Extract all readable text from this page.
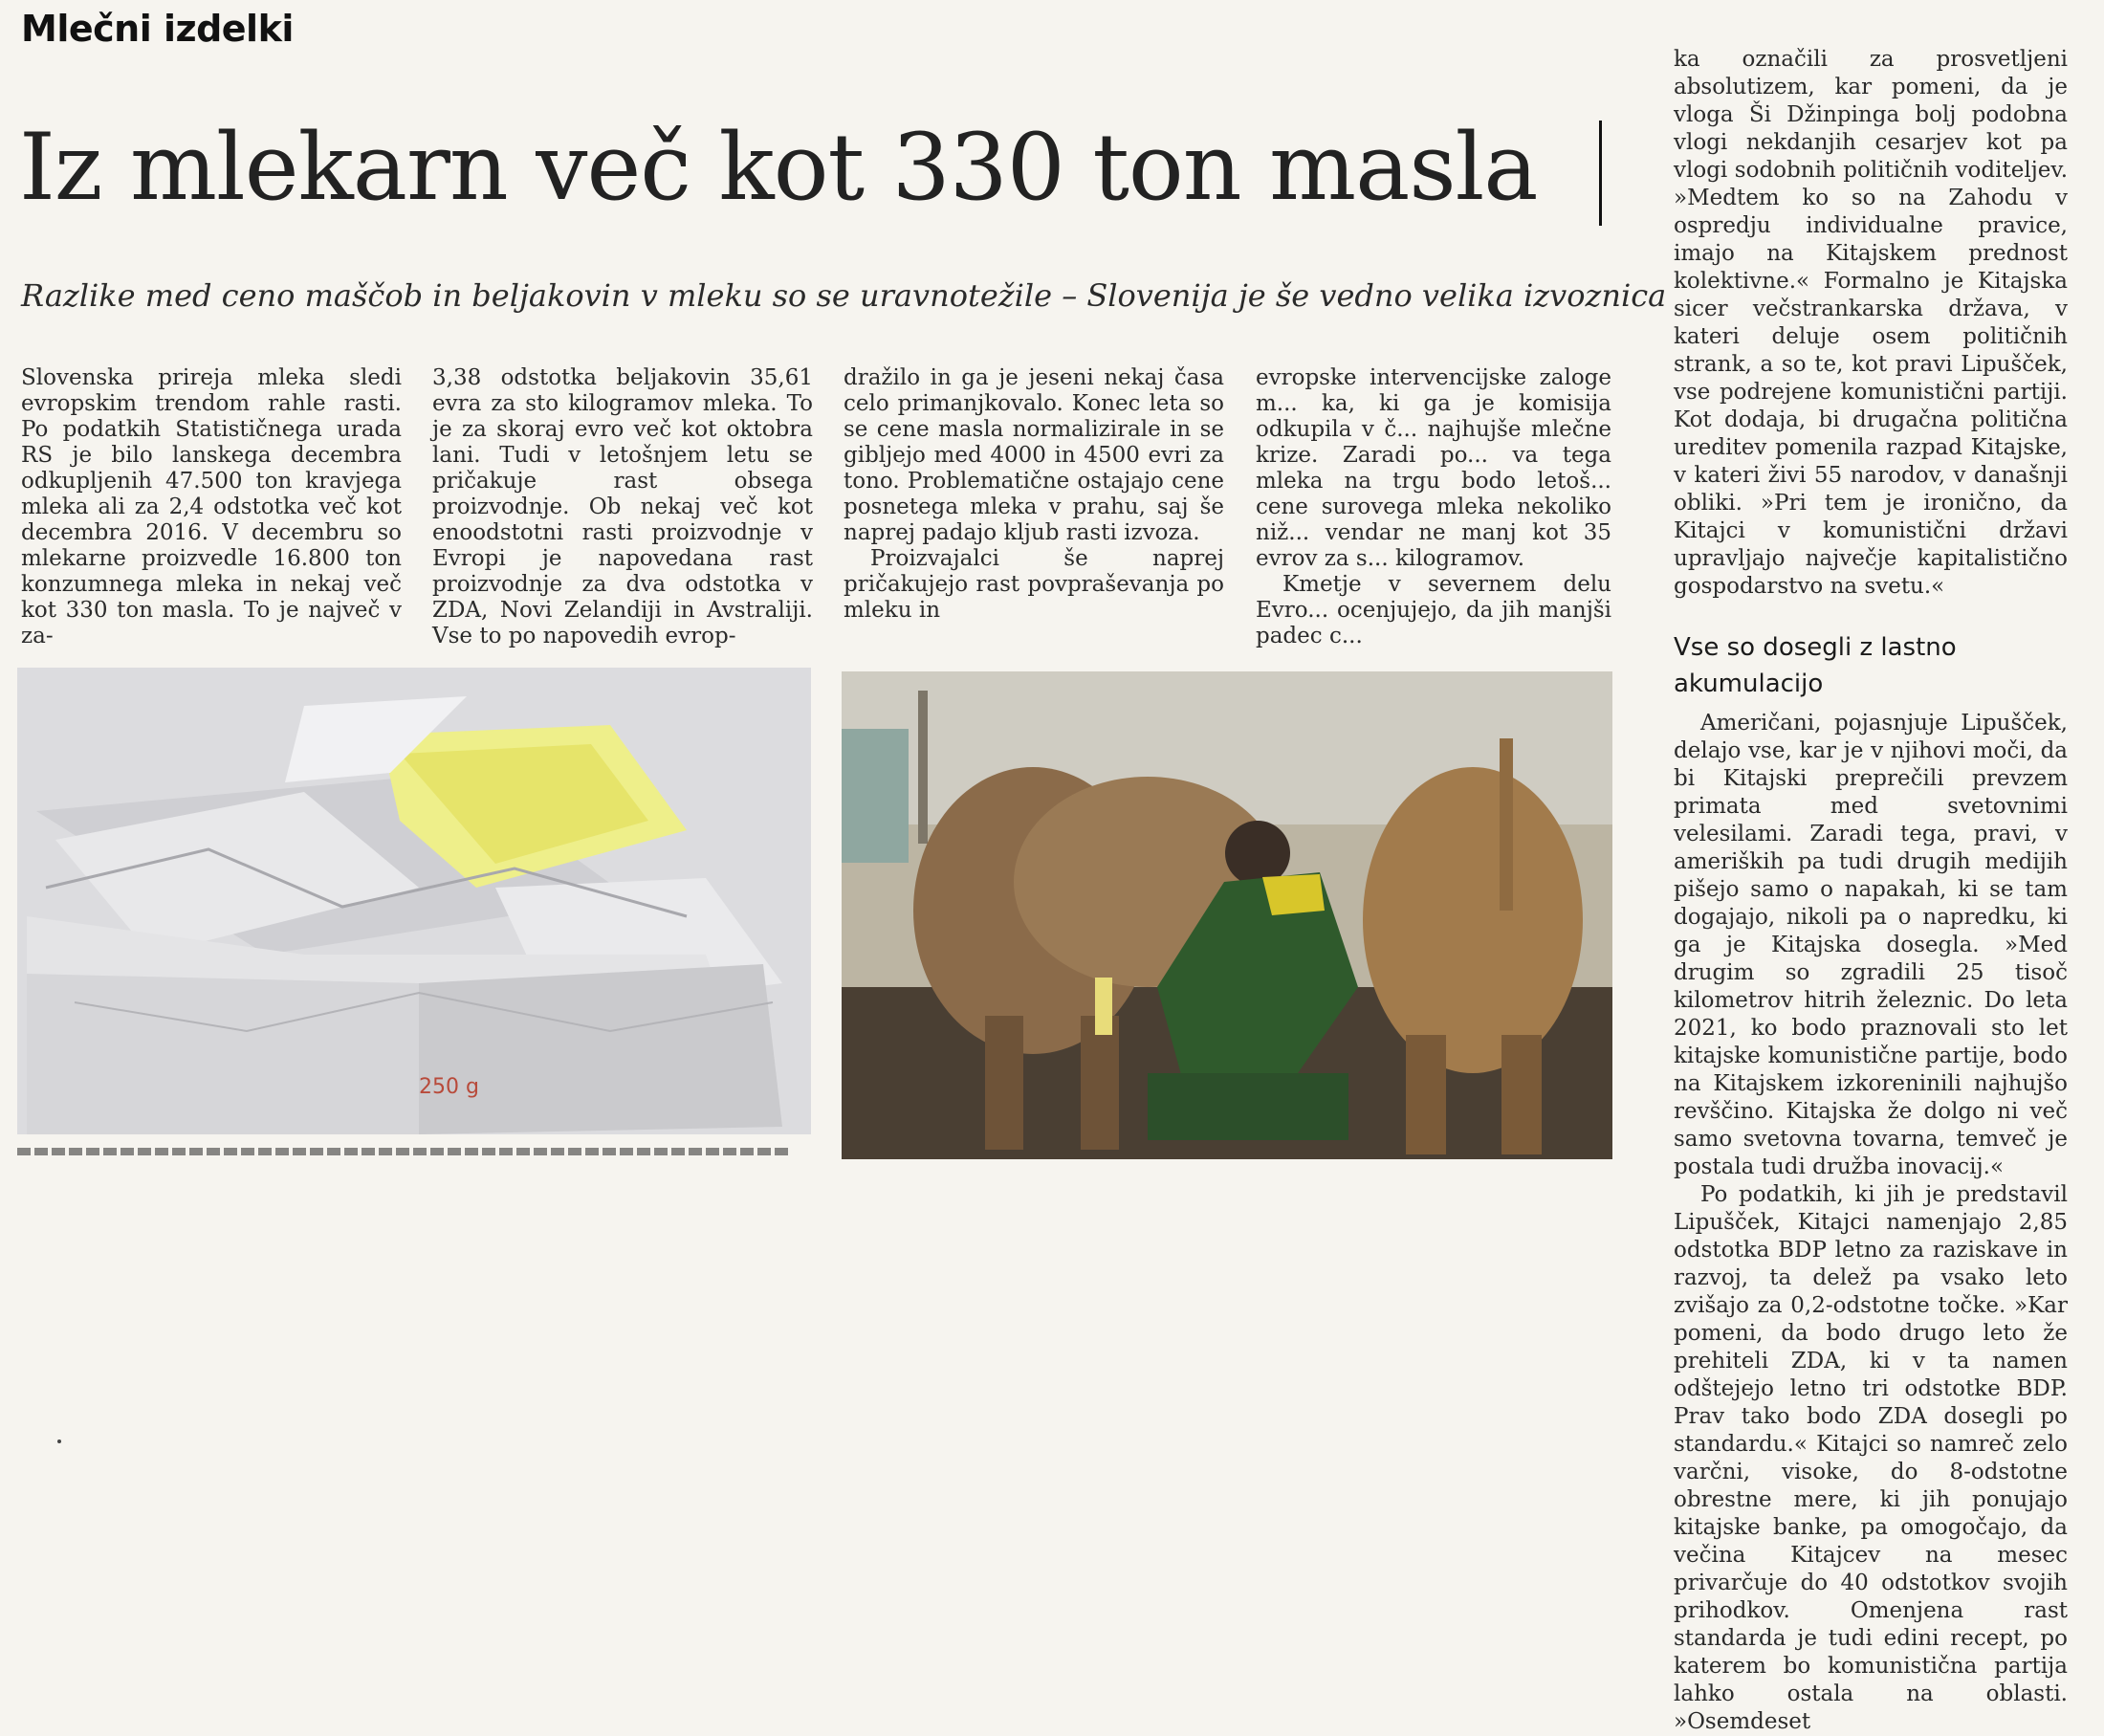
Mlečni izdelki
Iz mlekarn več kot 330 ton masla
Razlike med ceno maščob in beljakovin v mleku so se uravnotežile – Slovenija je še vedno velika izvoznica

Slovenska prireja mleka sledi evropskim trendom rahle rasti. Po podatkih Statističnega urada RS je bilo lanskega decembra odkupljenih 47.500 ton kravjega mleka ali za 2,4 odstotka več kot decembra 2016. V decembru so mlekarne proizvedle 16.800 ton konzumnega mleka in nekaj več kot 330 ton masla. To je največ v za-

3,38 odstotka beljakovin 35,61 evra za sto kilogramov mleka. To je za skoraj evro več kot oktobra lani. Tudi v letošnjem letu se pričakuje rast obsega proizvodnje. Ob nekaj več kot enoodstotni rasti proizvodnje v Evropi je napovedana rast proizvodnje za dva odstotka v ZDA, Novi Zelandiji in Avstraliji. Vse to po napovedih evrop-

dražilo in ga je jeseni nekaj časa celo primanjkovalo. Konec leta so se cene masla normalizirale in se gibljejo med 4000 in 4500 evri za tono. Problematične ostajajo cene posnetega mleka v prahu, saj še naprej padajo kljub rasti izvoza.

Proizvajalci še naprej pričakujejo rast povpraševanja po mleku in

evropske intervencijske zaloge m... ka, ki ga je komisija odkupila v č... najhujše mlečne krize. Zaradi po... va tega mleka na trgu bodo letoš... cene surovega mleka nekoliko niž... vendar ne manj kot 35 evrov za s... kilogramov.

Kmetje v severnem delu Evro... ocenjujejo, da jih manjši padec c...

250 g

ka označili za prosvetljeni absolutizem, kar pomeni, da je vloga Ši Džinpinga bolj podobna vlogi nekdanjih cesarjev kot pa vlogi sodobnih političnih voditeljev. »Medtem ko so na Zahodu v ospredju individualne pravice, imajo na Kitajskem prednost kolektivne.« Formalno je Kitajska sicer večstrankarska država, v kateri deluje osem političnih strank, a so te, kot pravi Lipušček, vse podrejene komunistični partiji. Kot dodaja, bi drugačna politična ureditev pomenila razpad Kitajske, v kateri živi 55 narodov, v današnji obliki. »Pri tem je ironično, da Kitajci v komunistični državi upravljajo največje kapitalistično gospodarstvo na svetu.«

Vse so dosegli z lastno akumulacijo

Američani, pojasnjuje Lipušček, delajo vse, kar je v njihovi moči, da bi Kitajski preprečili prevzem primata med svetovnimi velesilami. Zaradi tega, pravi, v ameriških pa tudi drugih medijih pišejo samo o napakah, ki se tam dogajajo, nikoli pa o napredku, ki ga je Kitajska dosegla. »Med drugim so zgradili 25 tisoč kilometrov hitrih železnic. Do leta 2021, ko bodo praznovali sto let kitajske komunistične partije, bodo na Kitajskem izkoreninili najhujšo revščino. Kitajska že dolgo ni več samo svetovna tovarna, temveč je postala tudi družba inovacij.«

Po podatkih, ki jih je predstavil Lipušček, Kitajci namenjajo 2,85 odstotka BDP letno za raziskave in razvoj, ta delež pa vsako leto zvišajo za 0,2-odstotne točke. »Kar pomeni, da bodo drugo leto že prehiteli ZDA, ki v ta namen odštejejo letno tri odstotke BDP. Prav tako bodo ZDA dosegli po standardu.« Kitajci so namreč zelo varčni, visoke, do 8-odstotne obrestne mere, ki jih ponujajo kitajske banke, pa omogočajo, da večina Kitajcev na mesec privarčuje do 40 odstotkov svojih prihodkov. Omenjena rast standarda je tudi edini recept, po katerem bo komunistična partija lahko ostala na oblasti. »Osemdeset
